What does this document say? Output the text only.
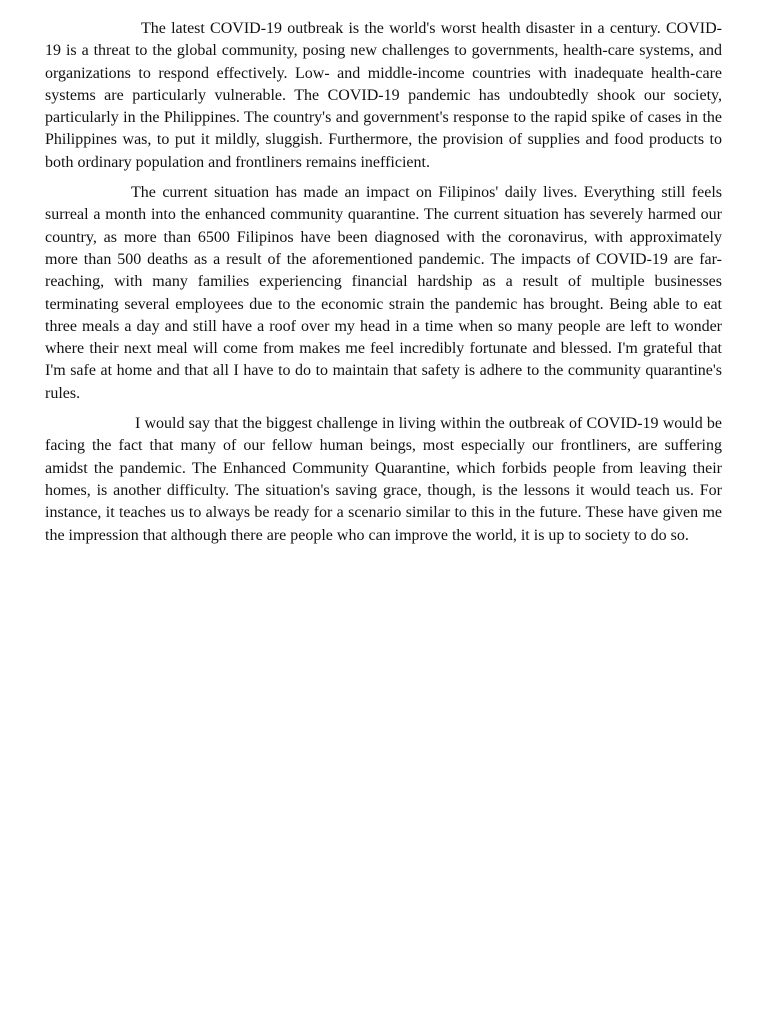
The latest COVID-19 outbreak is the world's worst health disaster in a century. COVID-19 is a threat to the global community, posing new challenges to governments, health-care systems, and organizations to respond effectively. Low- and middle-income countries with inadequate health-care systems are particularly vulnerable. The COVID-19 pandemic has undoubtedly shook our society, particularly in the Philippines. The country's and government's response to the rapid spike of cases in the Philippines was, to put it mildly, sluggish. Furthermore, the provision of supplies and food products to both ordinary population and frontliners remains inefficient.

The current situation has made an impact on Filipinos' daily lives. Everything still feels surreal a month into the enhanced community quarantine. The current situation has severely harmed our country, as more than 6500 Filipinos have been diagnosed with the coronavirus, with approximately more than 500 deaths as a result of the aforementioned pandemic. The impacts of COVID-19 are far-reaching, with many families experiencing financial hardship as a result of multiple businesses terminating several employees due to the economic strain the pandemic has brought. Being able to eat three meals a day and still have a roof over my head in a time when so many people are left to wonder where their next meal will come from makes me feel incredibly fortunate and blessed. I'm grateful that I'm safe at home and that all I have to do to maintain that safety is adhere to the community quarantine's rules.

I would say that the biggest challenge in living within the outbreak of COVID-19 would be facing the fact that many of our fellow human beings, most especially our frontliners, are suffering amidst the pandemic. The Enhanced Community Quarantine, which forbids people from leaving their homes, is another difficulty. The situation's saving grace, though, is the lessons it would teach us. For instance, it teaches us to always be ready for a scenario similar to this in the future. These have given me the impression that although there are people who can improve the world, it is up to society to do so.
